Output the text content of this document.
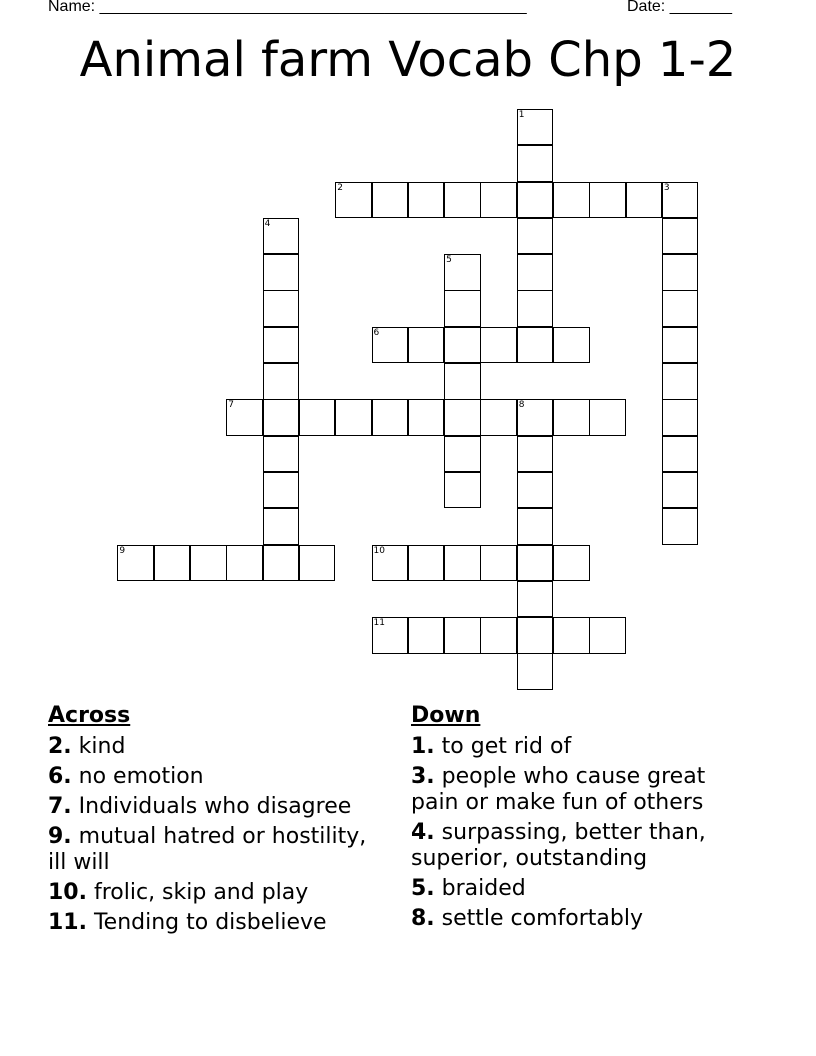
Name: ________________________________________________	Date: _______
Animal farm Vocab Chp 1-2
1
2	3
4
5
6
7	8
9	10
11
Across
2. kind
6. no emotion
7. Individuals who disagree
9. mutual hatred or hostility, ill will
10. frolic, skip and play
11. Tending to disbelieve
Down
1. to get rid of
3. people who cause great pain or make fun of others
4. surpassing, better than, superior, outstanding
5. braided
8. settle comfortably
